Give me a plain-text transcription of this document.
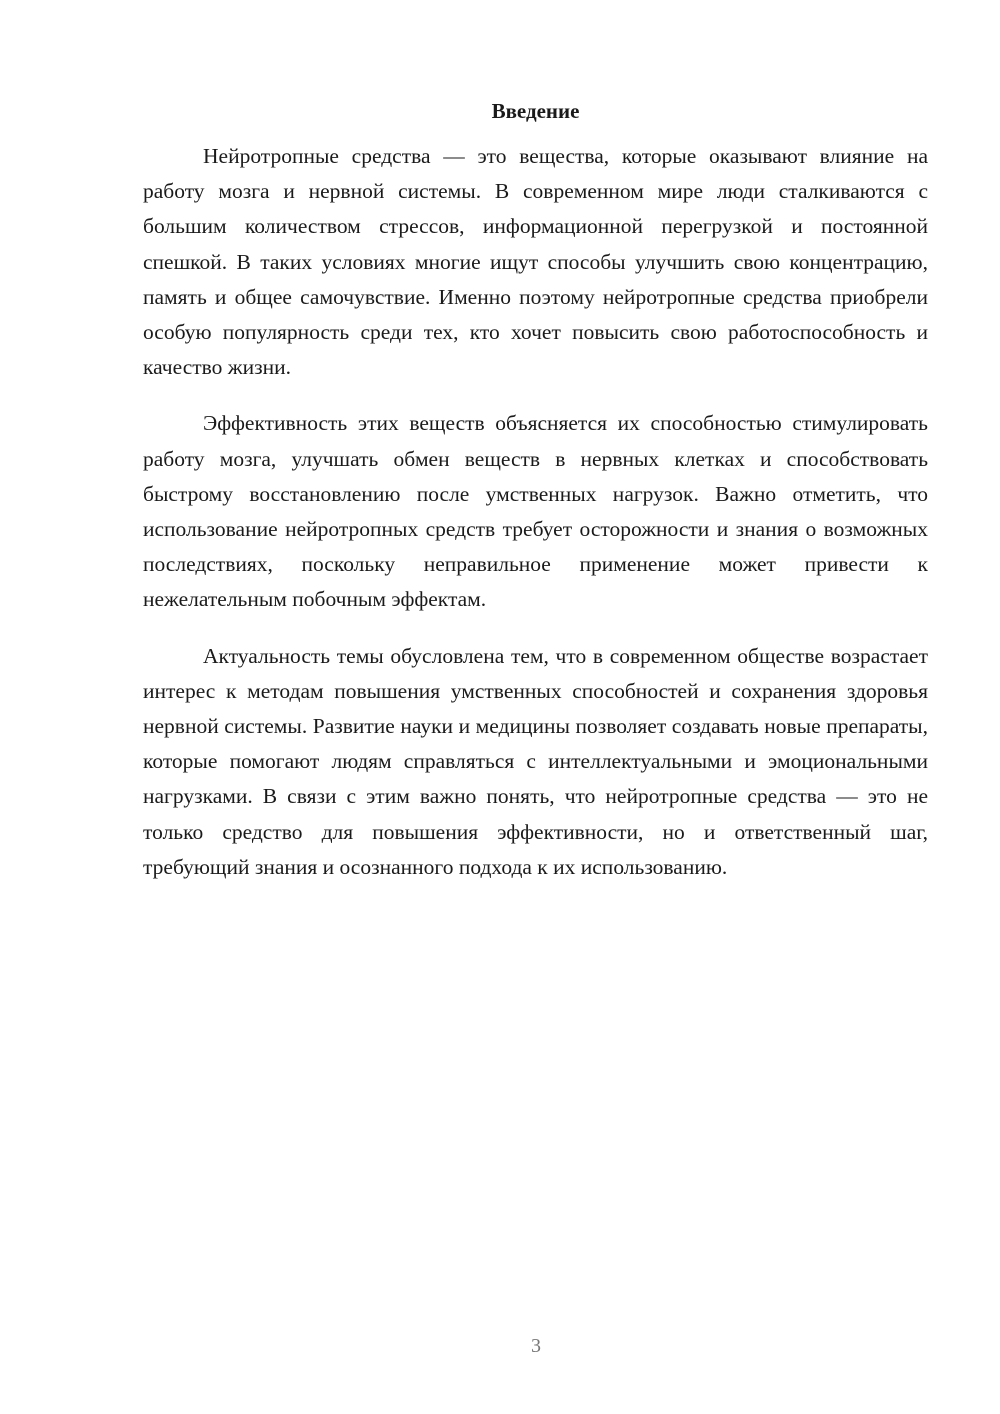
Введение

Нейротропные средства — это вещества, которые оказывают влияние на работу мозга и нервной системы. В современном мире люди сталкиваются с большим количеством стрессов, информационной перегрузкой и постоянной спешкой. В таких условиях многие ищут способы улучшить свою концентрацию, память и общее самочувствие. Именно поэтому нейротропные средства приобрели особую популярность среди тех, кто хочет повысить свою работоспособность и качество жизни.

Эффективность этих веществ объясняется их способностью стимулировать работу мозга, улучшать обмен веществ в нервных клетках и способствовать быстрому восстановлению после умственных нагрузок. Важно отметить, что использование нейротропных средств требует осторожности и знания о возможных последствиях, поскольку неправильное применение может привести к нежелательным побочным эффектам.

Актуальность темы обусловлена тем, что в современном обществе возрастает интерес к методам повышения умственных способностей и сохранения здоровья нервной системы. Развитие науки и медицины позволяет создавать новые препараты, которые помогают людям справляться с интеллектуальными и эмоциональными нагрузками. В связи с этим важно понять, что нейротропные средства — это не только средство для повышения эффективности, но и ответственный шаг, требующий знания и осознанного подхода к их использованию.

3
